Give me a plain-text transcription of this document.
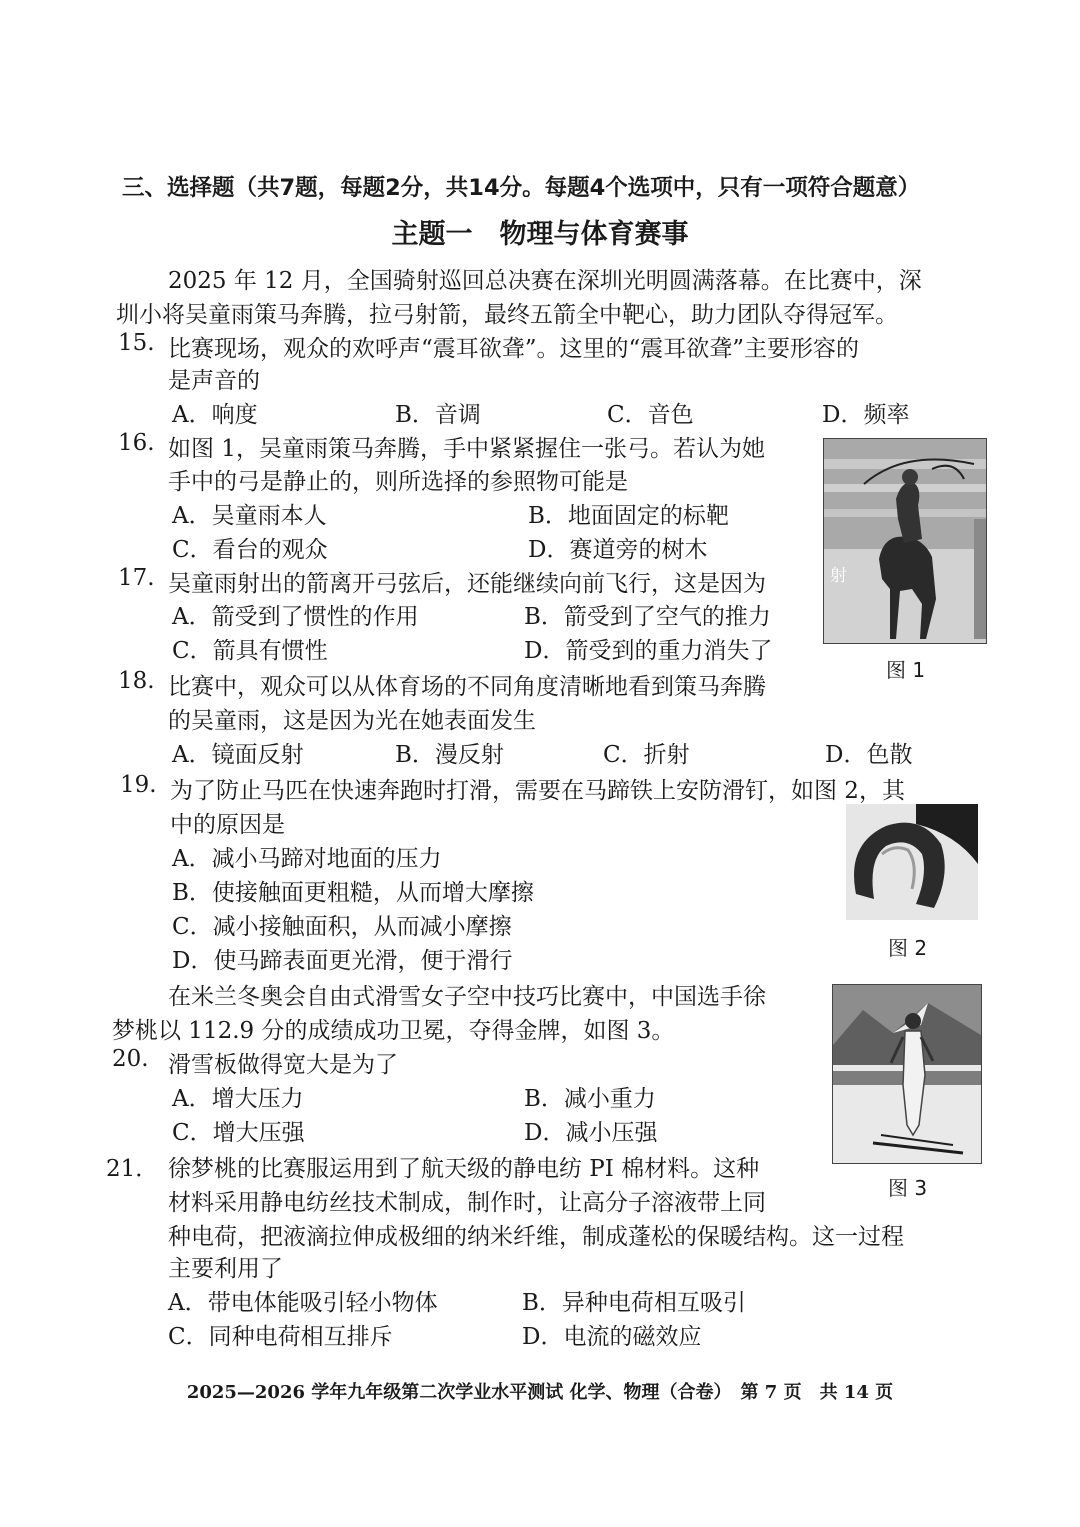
三、选择题（共7题，每题2分，共14分。每题4个选项中，只有一项符合题意）
主题一　物理与体育赛事
2025 年 12 月，全国骑射巡回总决赛在深圳光明圆满落幕。在比赛中，深
圳小将吴童雨策马奔腾，拉弓射箭，最终五箭全中靶心，助力团队夺得冠军。
15. 比赛现场，观众的欢呼声“震耳欲聋”。这里的“震耳欲聋”主要形容的
是声音的
A．响度	B．音调	C．音色	D．频率
16. 如图 1，吴童雨策马奔腾，手中紧紧握住一张弓。若认为她
手中的弓是静止的，则所选择的参照物可能是
A．吴童雨本人	B．地面固定的标靶
C．看台的观众	D．赛道旁的树木
17. 吴童雨射出的箭离开弓弦后，还能继续向前飞行，这是因为
A．箭受到了惯性的作用	B．箭受到了空气的推力
C．箭具有惯性	D．箭受到的重力消失了
18. 比赛中，观众可以从体育场的不同角度清晰地看到策马奔腾
的吴童雨，这是因为光在她表面发生
A．镜面反射	B．漫反射	C．折射	D．色散
19. 为了防止马匹在快速奔跑时打滑，需要在马蹄铁上安防滑钉，如图 2，其
中的原因是
A．减小马蹄对地面的压力
B．使接触面更粗糙，从而增大摩擦
C．减小接触面积，从而减小摩擦
D．使马蹄表面更光滑，便于滑行
在米兰冬奥会自由式滑雪女子空中技巧比赛中，中国选手徐
梦桃以 112.9 分的成绩成功卫冕，夺得金牌，如图 3。
20. 滑雪板做得宽大是为了
A．增大压力	B．减小重力
C．增大压强	D．减小压强
21． 徐梦桃的比赛服运用到了航天级的静电纺 PI 棉材料。这种
材料采用静电纺丝技术制成，制作时，让高分子溶液带上同
种电荷，把液滴拉伸成极细的纳米纤维，制成蓬松的保暖结构。这一过程
主要利用了
A．带电体能吸引轻小物体	B．异种电荷相互吸引
C．同种电荷相互排斥	D．电流的磁效应
射
图 1
图 2
图 3
2025—2026 学年九年级第二次学业水平测试 化学、物理（合卷）　第 7 页　共 14 页
